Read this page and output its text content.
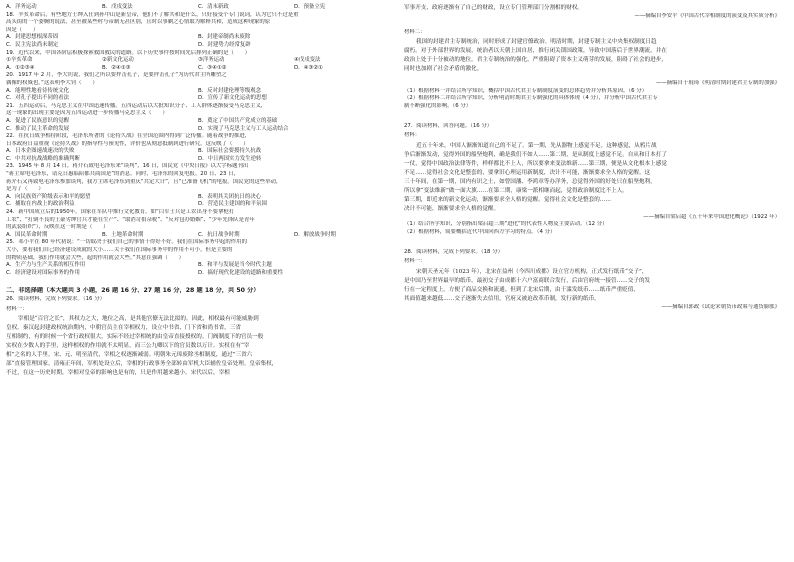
A．洋务运动	B．戊戌变法	C．清末新政	D．预备立宪

18．辛亥革命后，有些地方士绅入仕到孙中山是新皇帝，他们不了解共和是什么，只好接受个专门说词，认为它只不过是重

高头街的一个委婉的说法，甚至被某些村与帝制无甚区别，且时以事剿之心情取为解释共和，造成这种现象的原

因是（　　）

A．封建思想根深蒂固	B．封建帝制尚未废除
C．民主宪法尚未制定	D．封建势力经常复辟

19．近代以来，中国各阶层积极探索救国救民的道路。以下历史事件按时间先后排列正确的是（　　）

①辛亥革命	②新文化运动	③洋务运动	④戊戌变法
A．①②③④	B．②④①③	C．③④①②	D．④③②①

20．1917 年 2 月，李大钊说，我们之所以要抨击孔子，是要抨击孔子“为历代君主所雕塑之

偶像的权威也。”这表明李大钊（　　）

A．能理性地看待传统文化	B．反对封建伦理等级观念
C．对孔子提出不同的看法	D．宣传了新文化运动的思想

21．五四运动后，马克思主义在中国迅速传播。五四运动后以大批知识分子、工人群体逐渐接受马克思主义，

这一现象的出现主要是因为五四运动进一步传播马克思主义（　　）

A．促进了民族意识的觉醒	B．奠定了中国共产党成立的基础
C．推动了民主革命的发展	D．实现了马克思主义与工人运动结合

22．在抗日战争相持阶段，毛泽东所著的《论持久战》在全国范围内得到广泛传播。随着战争的推进，

日本政府日益重视《论持久战》的指导性与预见性，评价也从刻意抵制到进行研究，这反映了（　　）

A．日本企图速战速决的失败	B．国际社会要援持久抗战
C．中共对抗战战略的准确判断	D．中日两国实力发生逆转

23．1945 年 8 月 14 日，蒋介石致电毛泽东来“谈判”，16 日，国民党《中央日报》以大字标题刊出

“蒋主席电毛泽东，请克日惠临陪都共商国是”的消息。同时，毛泽东的回复电报。20 日、23 日，

蒋介石又再致电毛泽东参加谈判，我方主席毛泽东到重庆“共定大计”，且“已准备飞机”的电报。国民党的这些举动，

是为了（　　）

A．向民族资产阶级表示和平的愿望	B．表明其关团抗日的决心
C．捕取在内战上的政治利益	D．营造民主建国的和平氛围

24．新中国成立后的1950年，国家在军队中推行文化教育，如“白军士兵是工农出身不要拿枪打

工农”、“打倒不良的土豪劣绅官兵才能在生产”、“取消苛捐杂税”、“反对包办婚姻”、“少年先锋队是青年

的武装组织”），反映在这一时期是（　　）

A．国民革命时期	B．土地革命时期	C．抗日战争时期	D．解放战争时期

25．邓小平在 80 年代初说：“一切取决于我们自己的事情干得好不好。我们在国际事务中起的作用的

大小，要看我们自己经济建设成就的大小……关于我们在国际事务中的作用不可小，但是主要的

的物质基础，我们作用就会大些，起的作用就会大些。”其意在强调（　　）

A．生产力与生产关系的相互作用	B．和平与发展是当今时代主题
C．经济建设对国际事务的作用	D．搞好现代化建设的道路和重要性

二、非选择题（本大题共 3 小题，26 题 16 分、27 题 16 分，28 题 18 分，共 50 分）

26．阅读材料，完成下列要求。（16 分）

材料一：

宰相是“百官之长”，其权力之大，地位之高，是其他官僚无法比拟的。因此，相权最有可能威胁到

皇权。秦汉起封建政权统治期内，中朝官员主在宰相权力，设立中书省、门下省和尚书省，三省

互相制约，有的时候一个省行政权很大，实际不经过宰相统的由皇帝直接授权的。门阀制度下的官员一般

实权在少数人的手里，这样相权的作用就不太明显，而三公九卿以下的官员数以万计。实权在有“宰

相”之名的人手里。宋、元、明至清代，宰相之权逐渐减弱。明朝朱元璋废除丞相制度，通过”三省六

部“直接管理国家。清雍正年间，军机处设立后，宰相的行政事务全部转由军机大臣辅佐皇帝处理。皇帝集权，

不过，在这一历史时期，宰相对皇帝的影响也是有的，只是作用越来越小。宋代以后，宰相

军事开支，政府逐渐有了自己的财政，设立专门管理部门分割相的财权。

——摘编自李安平《中国古代宰相制度的演变及其实质分析》

材料二：

我国的封建君主专制统治，同时形成了封建官僚政治。明清时期，封建专制主义中央集权制度日趋

腐朽。对于外部世界的发展，统治者以天朝上国自居，推行闭关锁国政策，导致中国落后于世界潮流，并在

政治上处于十分被动的地位。君主专制统治的强化，严重阻碍了资本主义萌芽的发展，阻碍了社会的进步，

同时也加剧了社会矛盾的激化。

——摘编自于琨琦《明清时期封建君主专制的加强》

（1）根据材料一并结合所学知识，概括中国古代君主专制制度演变的总体趋势并分析其原因。（6 分）

（2）根据材料二并结合所学知识，分析明清时期君主专制强化的具体体现（4 分），并分析中国古代君主专

制不断强化的影响。（6 分）

27．阅读材料，回答问题。（16 分）

材料：

近五十年来，中国人渐渐知道自己的不足了。第一期，先从器物上感觉不足。这种感觉，从鸦片战

争后渐渐发动，觉得外国的船坚炮利，确是我们不如人……第二期，是从制度上感觉不足。自从和日本打了

一仗，觉得中国政治法律等件，样样都比不上人，所以要拿来变法维新……第三期，便是从文化根本上感觉

不足……觉得社会文化是整套的，要拿旧心理运用新制度，决计不可能，渐渐要求全人格的觉醒。这

三十年间，在第一期，国内有识之士，如曾国藩、李鸿章等办洋务，总觉得外国的好处只在船坚炮利，

所以拿“变法维新”做一面大旗……在第二期，康梁一派相继而起，觉得政治制度比不上人。

第三期，即近来的新文化运动，渐渐要求全人格的觉醒。觉得社会文化是整套的……

决计不可能，渐渐要求全人格的觉醒。

——摘编自梁启超《五十年来中国进化概论》（1922 年）

（1）结合所学知识，分别指出梁启超三期“进化”的代表性人物及主要活动。（12 分）

（2）根据材料，简要概括近代中国向西方学习的特点。（4 分）

28．阅读材料，完成下列要求。（18 分）

材料一：

宋朝天圣元年（1023 年），北宋在益州（今四川成都）设立官方机构，正式发行纸币“交子”，

是中国乃至世界最早的纸币。最初交子由成都十六户富商联合发行，后由官府统一接管……交子的发

行在一定程度上，方便了商品交换和流通。但到了北宋后期，由于滥发纸币……纸币严重贬值，

其面值越来越低……交子逐渐失去信用，官府又被迫改革币制，发行新的纸币。

——摘编自郭政《试论宋朝货币政策与通货膨胀》
